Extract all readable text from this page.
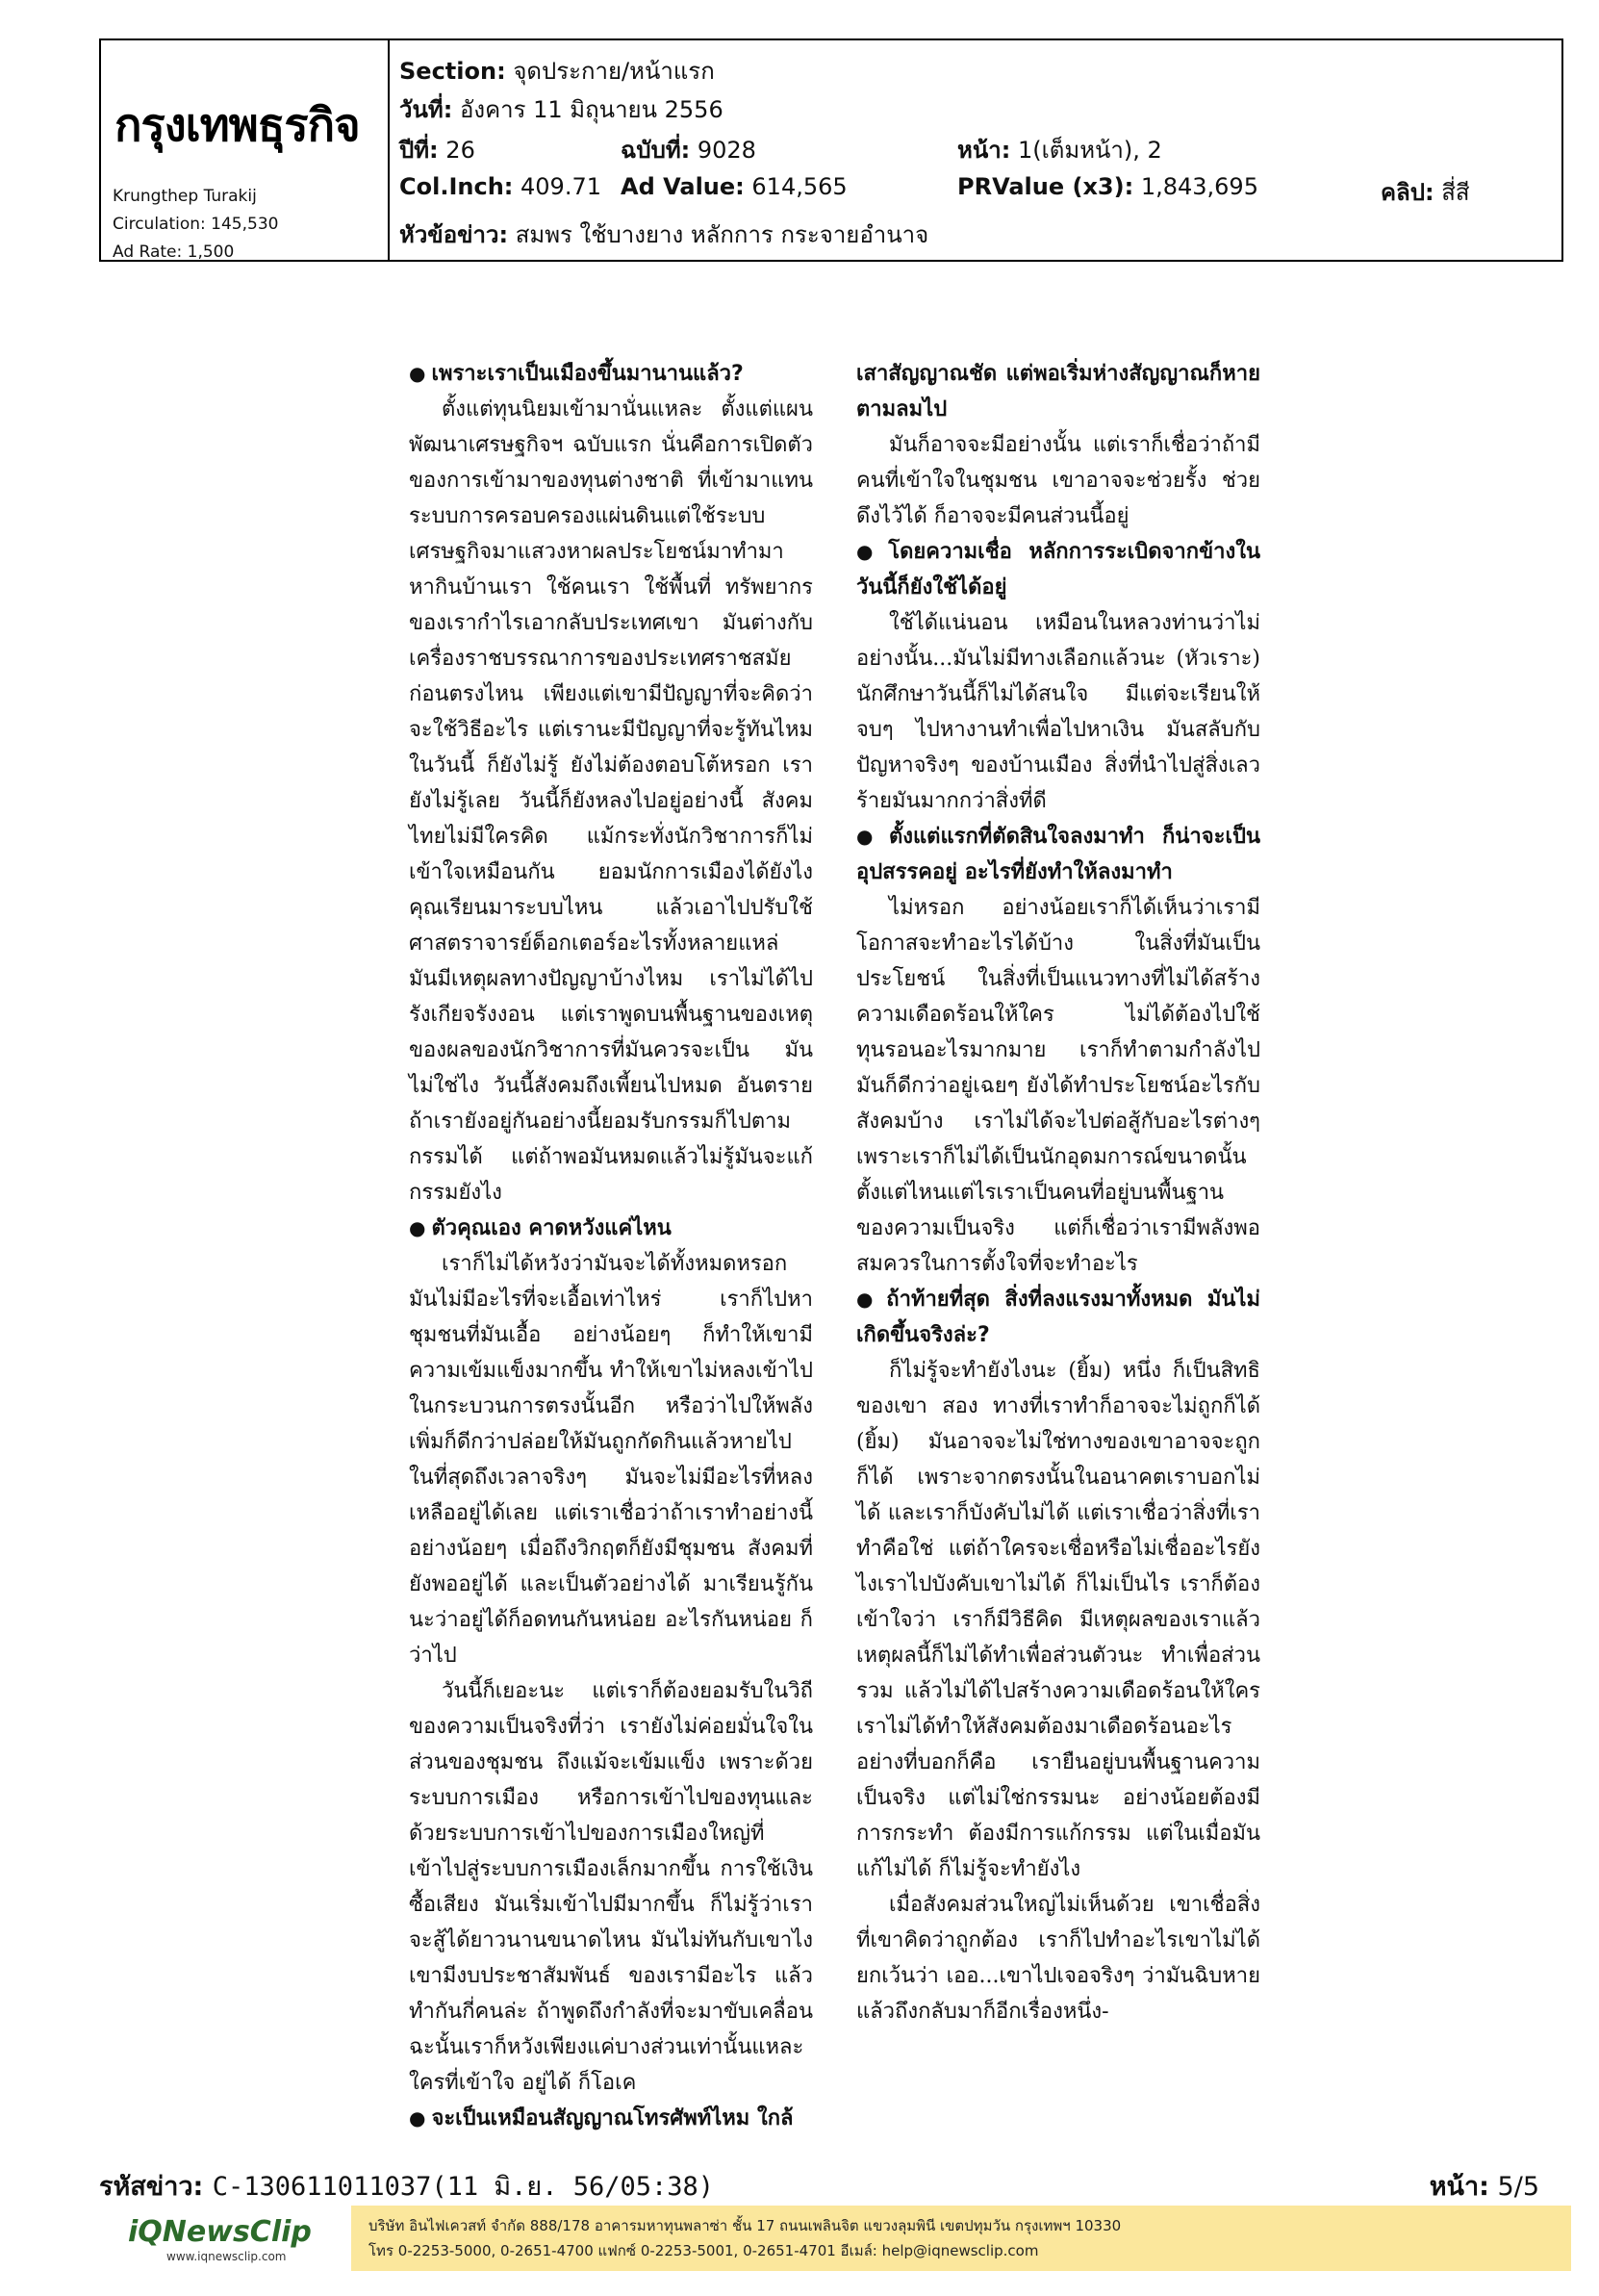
กรุงเทพธุรกิจ
Krungthep Turakij
Circulation: 145,530
Ad Rate: 1,500
Section: จุดประกาย/หน้าแรก
วันที่: อังคาร 11 มิถุนายน 2556
ปีที่: 26	ฉบับที่: 9028	หน้า: 1(เต็มหน้า), 2
Col.Inch: 409.71 Ad Value: 614,565	PRValue (x3): 1,843,695	คลิป: สี่สี
หัวข้อข่าว: สมพร ใช้บางยาง หลักการ กระจายอำนาจ

● เพราะเราเป็นเมืองขึ้นมานานแล้ว?

ตั้งแต่ทุนนิยมเข้ามานั่นแหละ ตั้งแต่แผนพัฒนาเศรษฐกิจฯ ฉบับแรก นั่นคือการเปิดตัวของการเข้ามาของทุนต่างชาติ ที่เข้ามาแทนระบบการครอบครองแผ่นดินแต่ใช้ระบบเศรษฐกิจมาแสวงหาผลประโยชน์มาทำมาหากินบ้านเรา ใช้คนเรา ใช้พื้นที่ ทรัพยากรของเรากำไรเอากลับประเทศเขา มันต่างกับเครื่องราชบรรณาการของประเทศราชสมัยก่อนตรงไหน เพียงแต่เขามีปัญญาที่จะคิดว่าจะใช้วิธีอะไร แต่เรานะมีปัญญาที่จะรู้ทันไหมในวันนี้ ก็ยังไม่รู้ ยังไม่ต้องตอบโต้หรอก เรายังไม่รู้เลย วันนี้ก็ยังหลงไปอยู่อย่างนี้ สังคมไทยไม่มีใครคิด แม้กระทั่งนักวิชาการก็ไม่เข้าใจเหมือนกัน ยอมนักการเมืองได้ยังไง คุณเรียนมาระบบไหน แล้วเอาไปปรับใช้ศาสตราจารย์ด็อกเตอร์อะไรทั้งหลายแหล่ มันมีเหตุผลทางปัญญาบ้างไหม เราไม่ได้ไปรังเกียจรังงอน แต่เราพูดบนพื้นฐานของเหตุของผลของนักวิชาการที่มันควรจะเป็น มันไม่ใช่ไง วันนี้สังคมถึงเพี้ยนไปหมด อันตราย ถ้าเรายังอยู่กันอย่างนี้ยอมรับกรรมก็ไปตามกรรมได้ แต่ถ้าพอมันหมดแล้วไม่รู้มันจะแก้กรรมยังไง

● ตัวคุณเอง คาดหวังแค่ไหน

เราก็ไม่ได้หวังว่ามันจะได้ทั้งหมดหรอก มันไม่มีอะไรที่จะเอื้อเท่าไหร่ เราก็ไปหาชุมชนที่มันเอื้อ อย่างน้อยๆ ก็ทำให้เขามีความเข้มแข็งมากขึ้น ทำให้เขาไม่หลงเข้าไปในกระบวนการตรงนั้นอีก หรือว่าไปให้พลังเพิ่มก็ดีกว่าปล่อยให้มันถูกกัดกินแล้วหายไป ในที่สุดถึงเวลาจริงๆ มันจะไม่มีอะไรที่หลงเหลืออยู่ได้เลย แต่เราเชื่อว่าถ้าเราทำอย่างนี้ อย่างน้อยๆ เมื่อถึงวิกฤตก็ยังมีชุมชน สังคมที่ยังพออยู่ได้ และเป็นตัวอย่างได้ มาเรียนรู้กันนะว่าอยู่ได้ก็อดทนกันหน่อย อะไรกันหน่อย ก็ว่าไป

วันนี้ก็เยอะนะ แต่เราก็ต้องยอมรับในวิถีของความเป็นจริงที่ว่า เรายังไม่ค่อยมั่นใจในส่วนของชุมชน ถึงแม้จะเข้มแข็ง เพราะด้วยระบบการเมือง หรือการเข้าไปของทุนและด้วยระบบการเข้าไปของการเมืองใหญ่ที่เข้าไปสู่ระบบการเมืองเล็กมากขึ้น การใช้เงินซื้อเสียง มันเริ่มเข้าไปมีมากขึ้น ก็ไม่รู้ว่าเราจะสู้ได้ยาวนานขนาดไหน มันไม่ทันกับเขาไง เขามีงบประชาสัมพันธ์ ของเรามีอะไร แล้วทำกันกี่คนล่ะ ถ้าพูดถึงกำลังที่จะมาขับเคลื่อน ฉะนั้นเราก็หวังเพียงแค่บางส่วนเท่านั้นแหละ ใครที่เข้าใจ อยู่ได้ ก็โอเค

● จะเป็นเหมือนสัญญาณโทรศัพท์ไหม ใกล้

เสาสัญญาณชัด แต่พอเริ่มห่างสัญญาณก็หายตามลมไป

มันก็อาจจะมีอย่างนั้น แต่เราก็เชื่อว่าถ้ามีคนที่เข้าใจในชุมชน เขาอาจจะช่วยรั้ง ช่วยดึงไว้ได้ ก็อาจจะมีคนส่วนนี้อยู่

● โดยความเชื่อ หลักการระเบิดจากข้างในวันนี้ก็ยังใช้ได้อยู่

ใช้ได้แน่นอน เหมือนในหลวงท่านว่าไม่อย่างนั้น...มันไม่มีทางเลือกแล้วนะ (หัวเราะ) นักศึกษาวันนี้ก็ไม่ได้สนใจ มีแต่จะเรียนให้จบๆ ไปหางานทำเพื่อไปหาเงิน มันสลับกับปัญหาจริงๆ ของบ้านเมือง สิ่งที่นำไปสู่สิ่งเลวร้ายมันมากกว่าสิ่งที่ดี

● ตั้งแต่แรกที่ตัดสินใจลงมาทำ ก็น่าจะเป็นอุปสรรคอยู่ อะไรที่ยังทำให้ลงมาทำ

ไม่หรอก อย่างน้อยเราก็ได้เห็นว่าเรามีโอกาสจะทำอะไรได้บ้าง ในสิ่งที่มันเป็นประโยชน์ ในสิ่งที่เป็นแนวทางที่ไม่ได้สร้างความเดือดร้อนให้ใคร ไม่ได้ต้องไปใช้ทุนรอนอะไรมากมาย เราก็ทำตามกำลังไป มันก็ดีกว่าอยู่เฉยๆ ยังได้ทำประโยชน์อะไรกับสังคมบ้าง เราไม่ได้จะไปต่อสู้กับอะไรต่างๆ เพราะเราก็ไม่ได้เป็นนักอุดมการณ์ขนาดนั้น ตั้งแต่ไหนแต่ไรเราเป็นคนที่อยู่บนพื้นฐานของความเป็นจริง แต่ก็เชื่อว่าเรามีพลังพอสมควรในการตั้งใจที่จะทำอะไร

● ถ้าท้ายที่สุด สิ่งที่ลงแรงมาทั้งหมด มันไม่เกิดขึ้นจริงล่ะ?

ก็ไม่รู้จะทำยังไงนะ (ยิ้ม) หนึ่ง ก็เป็นสิทธิของเขา สอง ทางที่เราทำก็อาจจะไม่ถูกก็ได้ (ยิ้ม) มันอาจจะไม่ใช่ทางของเขาอาจจะถูกก็ได้ เพราะจากตรงนั้นในอนาคตเราบอกไม่ได้ และเราก็บังคับไม่ได้ แต่เราเชื่อว่าสิ่งที่เราทำคือใช่ แต่ถ้าใครจะเชื่อหรือไม่เชื่ออะไรยังไงเราไปบังคับเขาไม่ได้ ก็ไม่เป็นไร เราก็ต้องเข้าใจว่า เราก็มีวิธีคิด มีเหตุผลของเราแล้วเหตุผลนี้ก็ไม่ได้ทำเพื่อส่วนตัวนะ ทำเพื่อส่วนรวม แล้วไม่ได้ไปสร้างความเดือดร้อนให้ใคร เราไม่ได้ทำให้สังคมต้องมาเดือดร้อนอะไรอย่างที่บอกก็คือ เรายืนอยู่บนพื้นฐานความเป็นจริง แต่ไม่ใช่กรรมนะ อย่างน้อยต้องมีการกระทำ ต้องมีการแก้กรรม แต่ในเมื่อมันแก้ไม่ได้ ก็ไม่รู้จะทำยังไง

เมื่อสังคมส่วนใหญ่ไม่เห็นด้วย เขาเชื่อสิ่งที่เขาคิดว่าถูกต้อง เราก็ไปทำอะไรเขาไม่ได้ ยกเว้นว่า เออ...เขาไปเจอจริงๆ ว่ามันฉิบหายแล้วถึงกลับมาก็อีกเรื่องหนึ่ง-

รหัสข่าว: C-130611011037(11 มิ.ย. 56/05:38)	หน้า: 5/5
iQNewsClip
www.iqnewsclip.com
บริษัท อินไฟเควสท์ จำกัด 888/178 อาคารมหาทุนพลาซ่า ชั้น 17 ถนนเพลินจิต แขวงลุมพินี เขตปทุมวัน กรุงเทพฯ 10330
โทร 0-2253-5000, 0-2651-4700 แฟกซ์ 0-2253-5001, 0-2651-4701 อีเมล์: help@iqnewsclip.com
